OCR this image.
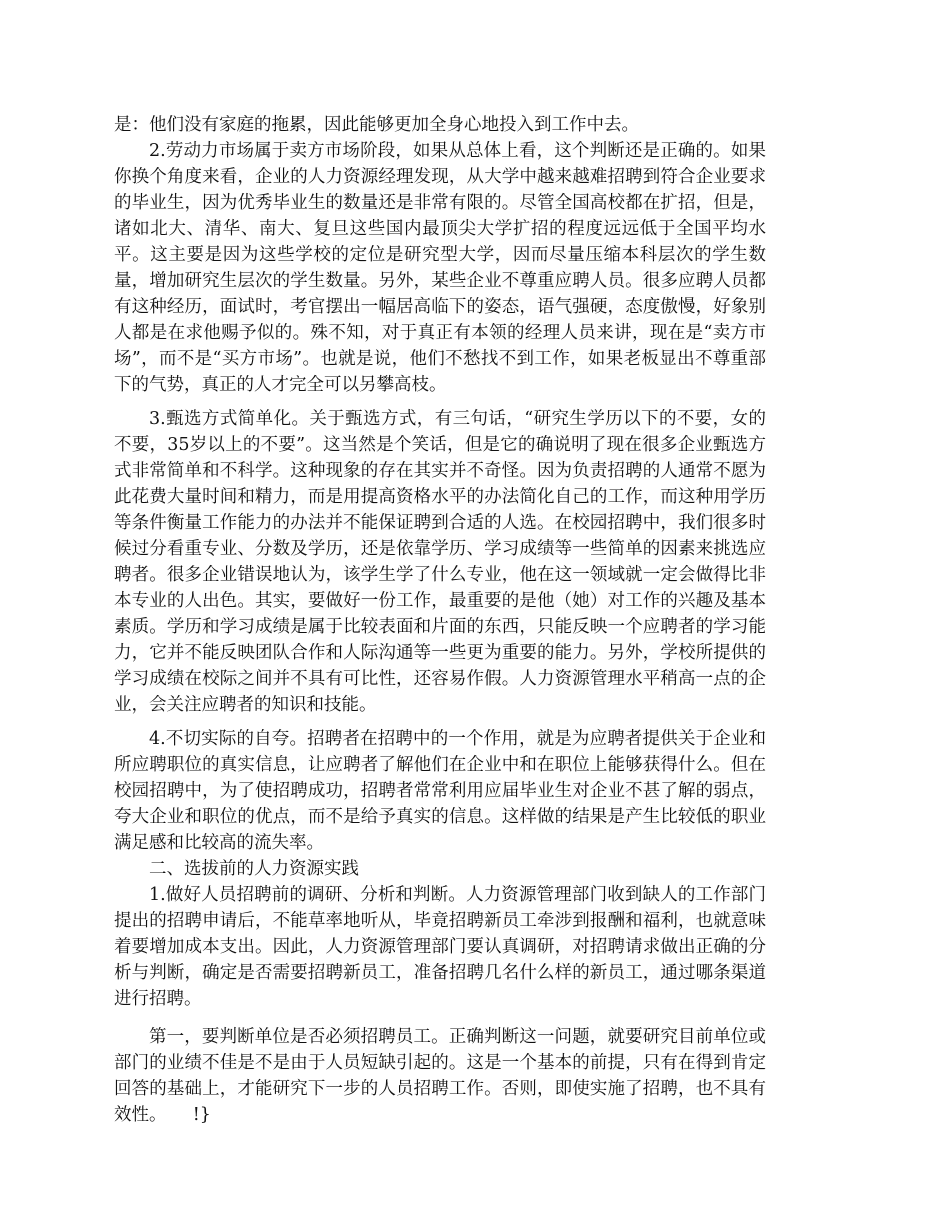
是：他们没有家庭的拖累，因此能够更加全身心地投入到工作中去。

2.劳动力市场属于卖方市场阶段，如果从总体上看，这个判断还是正确的。如果你换个角度来看，企业的人力资源经理发现，从大学中越来越难招聘到符合企业要求的毕业生，因为优秀毕业生的数量还是非常有限的。尽管全国高校都在扩招，但是，诸如北大、清华、南大、复旦这些国内最顶尖大学扩招的程度远远低于全国平均水平。这主要是因为这些学校的定位是研究型大学，因而尽量压缩本科层次的学生数量，增加研究生层次的学生数量。另外，某些企业不尊重应聘人员。很多应聘人员都有这种经历，面试时，考官摆出一幅居高临下的姿态，语气强硬，态度傲慢，好象别人都是在求他赐予似的。殊不知，对于真正有本领的经理人员来讲，现在是“卖方市场”，而不是“买方市场”。也就是说，他们不愁找不到工作，如果老板显出不尊重部下的气势，真正的人才完全可以另攀高枝。

3.甄选方式简单化。关于甄选方式，有三句话，“研究生学历以下的不要，女的不要，35岁以上的不要”。这当然是个笑话，但是它的确说明了现在很多企业甄选方式非常简单和不科学。这种现象的存在其实并不奇怪。因为负责招聘的人通常不愿为此花费大量时间和精力，而是用提高资格水平的办法简化自己的工作，而这种用学历等条件衡量工作能力的办法并不能保证聘到合适的人选。在校园招聘中，我们很多时候过分看重专业、分数及学历，还是依靠学历、学习成绩等一些简单的因素来挑选应聘者。很多企业错误地认为，该学生学了什么专业，他在这一领域就一定会做得比非本专业的人出色。其实，要做好一份工作，最重要的是他（她）对工作的兴趣及基本素质。学历和学习成绩是属于比较表面和片面的东西，只能反映一个应聘者的学习能力，它并不能反映团队合作和人际沟通等一些更为重要的能力。另外，学校所提供的学习成绩在校际之间并不具有可比性，还容易作假。人力资源管理水平稍高一点的企业，会关注应聘者的知识和技能。

4.不切实际的自夸。招聘者在招聘中的一个作用，就是为应聘者提供关于企业和所应聘职位的真实信息，让应聘者了解他们在企业中和在职位上能够获得什么。但在校园招聘中，为了使招聘成功，招聘者常常利用应届毕业生对企业不甚了解的弱点，夸大企业和职位的优点，而不是给予真实的信息。这样做的结果是产生比较低的职业满足感和比较高的流失率。

二、选拔前的人力资源实践

1.做好人员招聘前的调研、分析和判断。人力资源管理部门收到缺人的工作部门提出的招聘申请后，不能草率地听从，毕竟招聘新员工牵涉到报酬和福利，也就意味着要增加成本支出。因此，人力资源管理部门要认真调研，对招聘请求做出正确的分析与判断，确定是否需要招聘新员工，准备招聘几名什么样的新员工，通过哪条渠道进行招聘。

第一，要判断单位是否必须招聘员工。正确判断这一问题，就要研究目前单位或部门的业绩不佳是不是由于人员短缺引起的。这是一个基本的前提，只有在得到肯定回答的基础上，才能研究下一步的人员招聘工作。否则，即使实施了招聘，也不具有效性。　　!}
